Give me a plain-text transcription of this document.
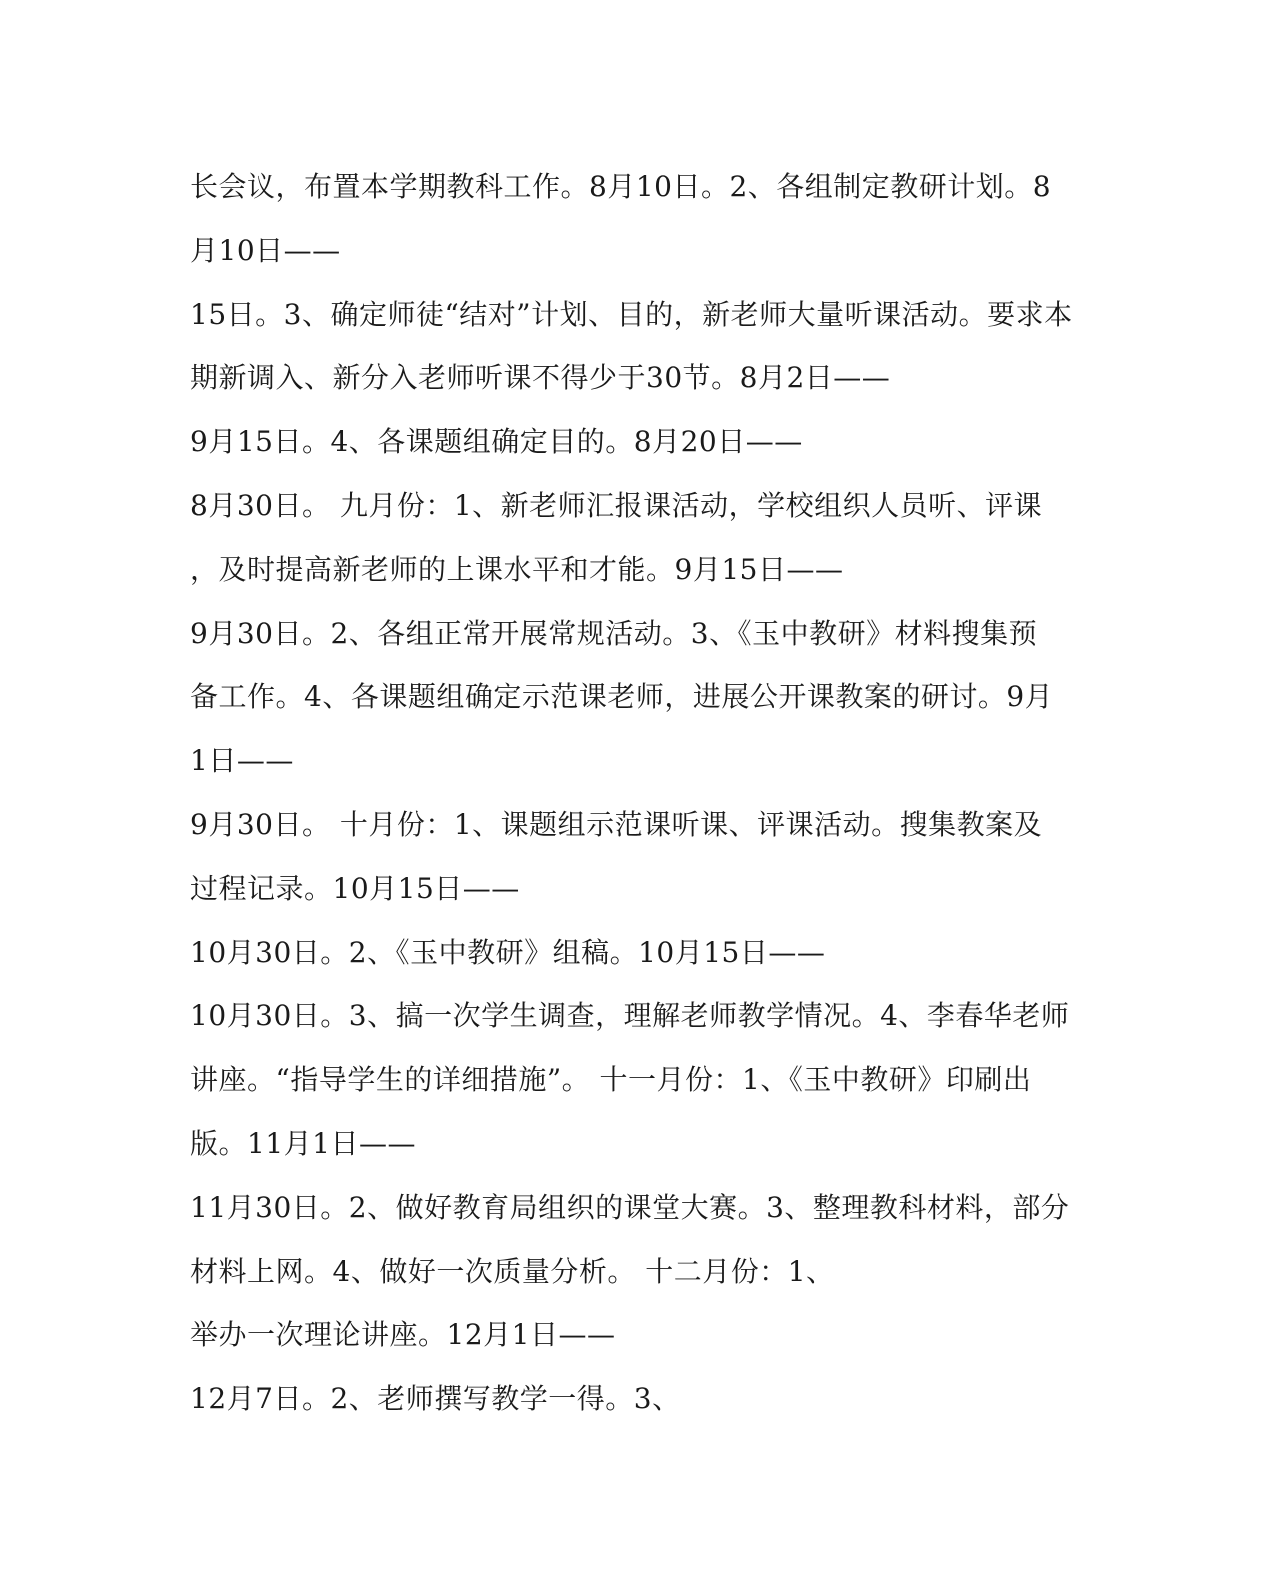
长会议，布置本学期教科工作。8月10日。2、各组制定教研计划。8
月10日——
15日。3、确定师徒“结对”计划、目的，新老师大量听课活动。要求本
期新调入、新分入老师听课不得少于30节。8月2日——
9月15日。4、各课题组确定目的。8月20日——
8月30日。 九月份：1、新老师汇报课活动，学校组织人员听、评课
，及时提高新老师的上课水平和才能。9月15日——
9月30日。2、各组正常开展常规活动。3、《玉中教研》材料搜集预
备工作。4、各课题组确定示范课老师，进展公开课教案的研讨。9月
1日——
9月30日。 十月份：1、课题组示范课听课、评课活动。搜集教案及
过程记录。10月15日——
10月30日。2、《玉中教研》组稿。10月15日——
10月30日。3、搞一次学生调查，理解老师教学情况。4、李春华老师
讲座。“指导学生的详细措施”。 十一月份：1、《玉中教研》印刷出
版。11月1日——
11月30日。2、做好教育局组织的课堂大赛。3、整理教科材料，部分
材料上网。4、做好一次质量分析。 十二月份：1、
举办一次理论讲座。12月1日——
12月7日。2、老师撰写教学一得。3、
